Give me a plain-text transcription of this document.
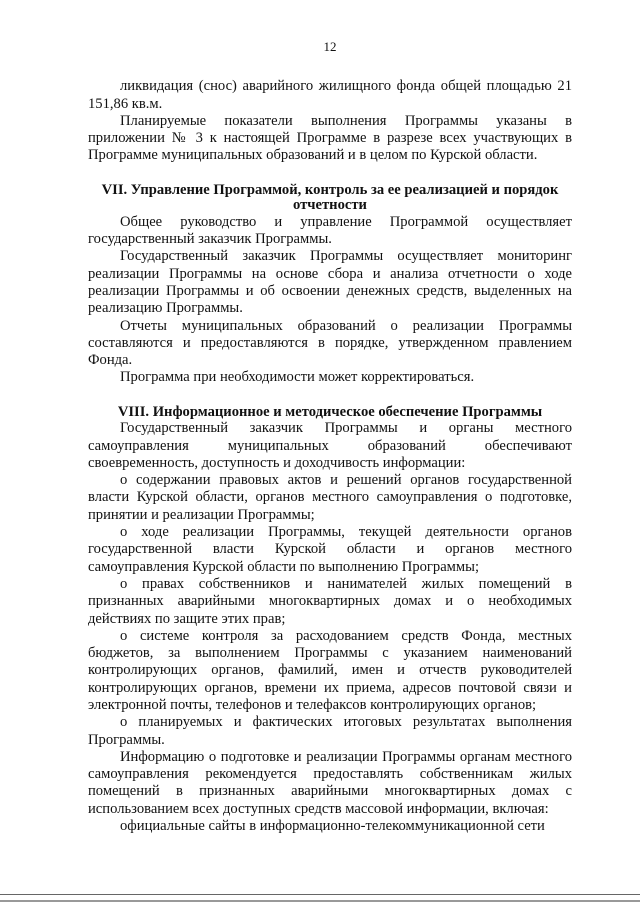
12

ликвидация (снос) аварийного жилищного фонда общей площадью 21 151,86 кв.м.

Планируемые показатели выполнения Программы указаны в приложении № 3 к настоящей Программе в разрезе всех участвующих в Программе муниципальных образований и в целом по Курской области.

VII. Управление Программой, контроль за ее реализацией и порядок отчетности

Общее руководство и управление Программой осуществляет государственный заказчик Программы.

Государственный заказчик Программы осуществляет мониторинг реализации Программы на основе сбора и анализа отчетности о ходе реализации Программы и об освоении денежных средств, выделенных на реализацию Программы.

Отчеты муниципальных образований о реализации Программы составляются и предоставляются в порядке, утвержденном правлением Фонда.

Программа при необходимости может корректироваться.

VIII. Информационное и методическое обеспечение Программы

Государственный заказчик Программы и органы местного самоуправления муниципальных образований обеспечивают своевременность, доступность и доходчивость информации:

о содержании правовых актов и решений органов государственной власти Курской области, органов местного самоуправления о подготовке, принятии и реализации Программы;

о ходе реализации Программы, текущей деятельности органов государственной власти Курской области и органов местного самоуправления Курской области по выполнению Программы;

о правах собственников и нанимателей жилых помещений в признанных аварийными многоквартирных домах и о необходимых действиях по защите этих прав;

о системе контроля за расходованием средств Фонда, местных бюджетов, за выполнением Программы с указанием наименований контролирующих органов, фамилий, имен и отчеств руководителей контролирующих органов, времени их приема, адресов почтовой связи и электронной почты, телефонов и телефаксов контролирующих органов;

о планируемых и фактических итоговых результатах выполнения Программы.

Информацию о подготовке и реализации Программы органам местного самоуправления рекомендуется предоставлять собственникам жилых помещений в признанных аварийными многоквартирных домах с использованием всех доступных средств массовой информации, включая:

официальные сайты в информационно-телекоммуникационной сети
